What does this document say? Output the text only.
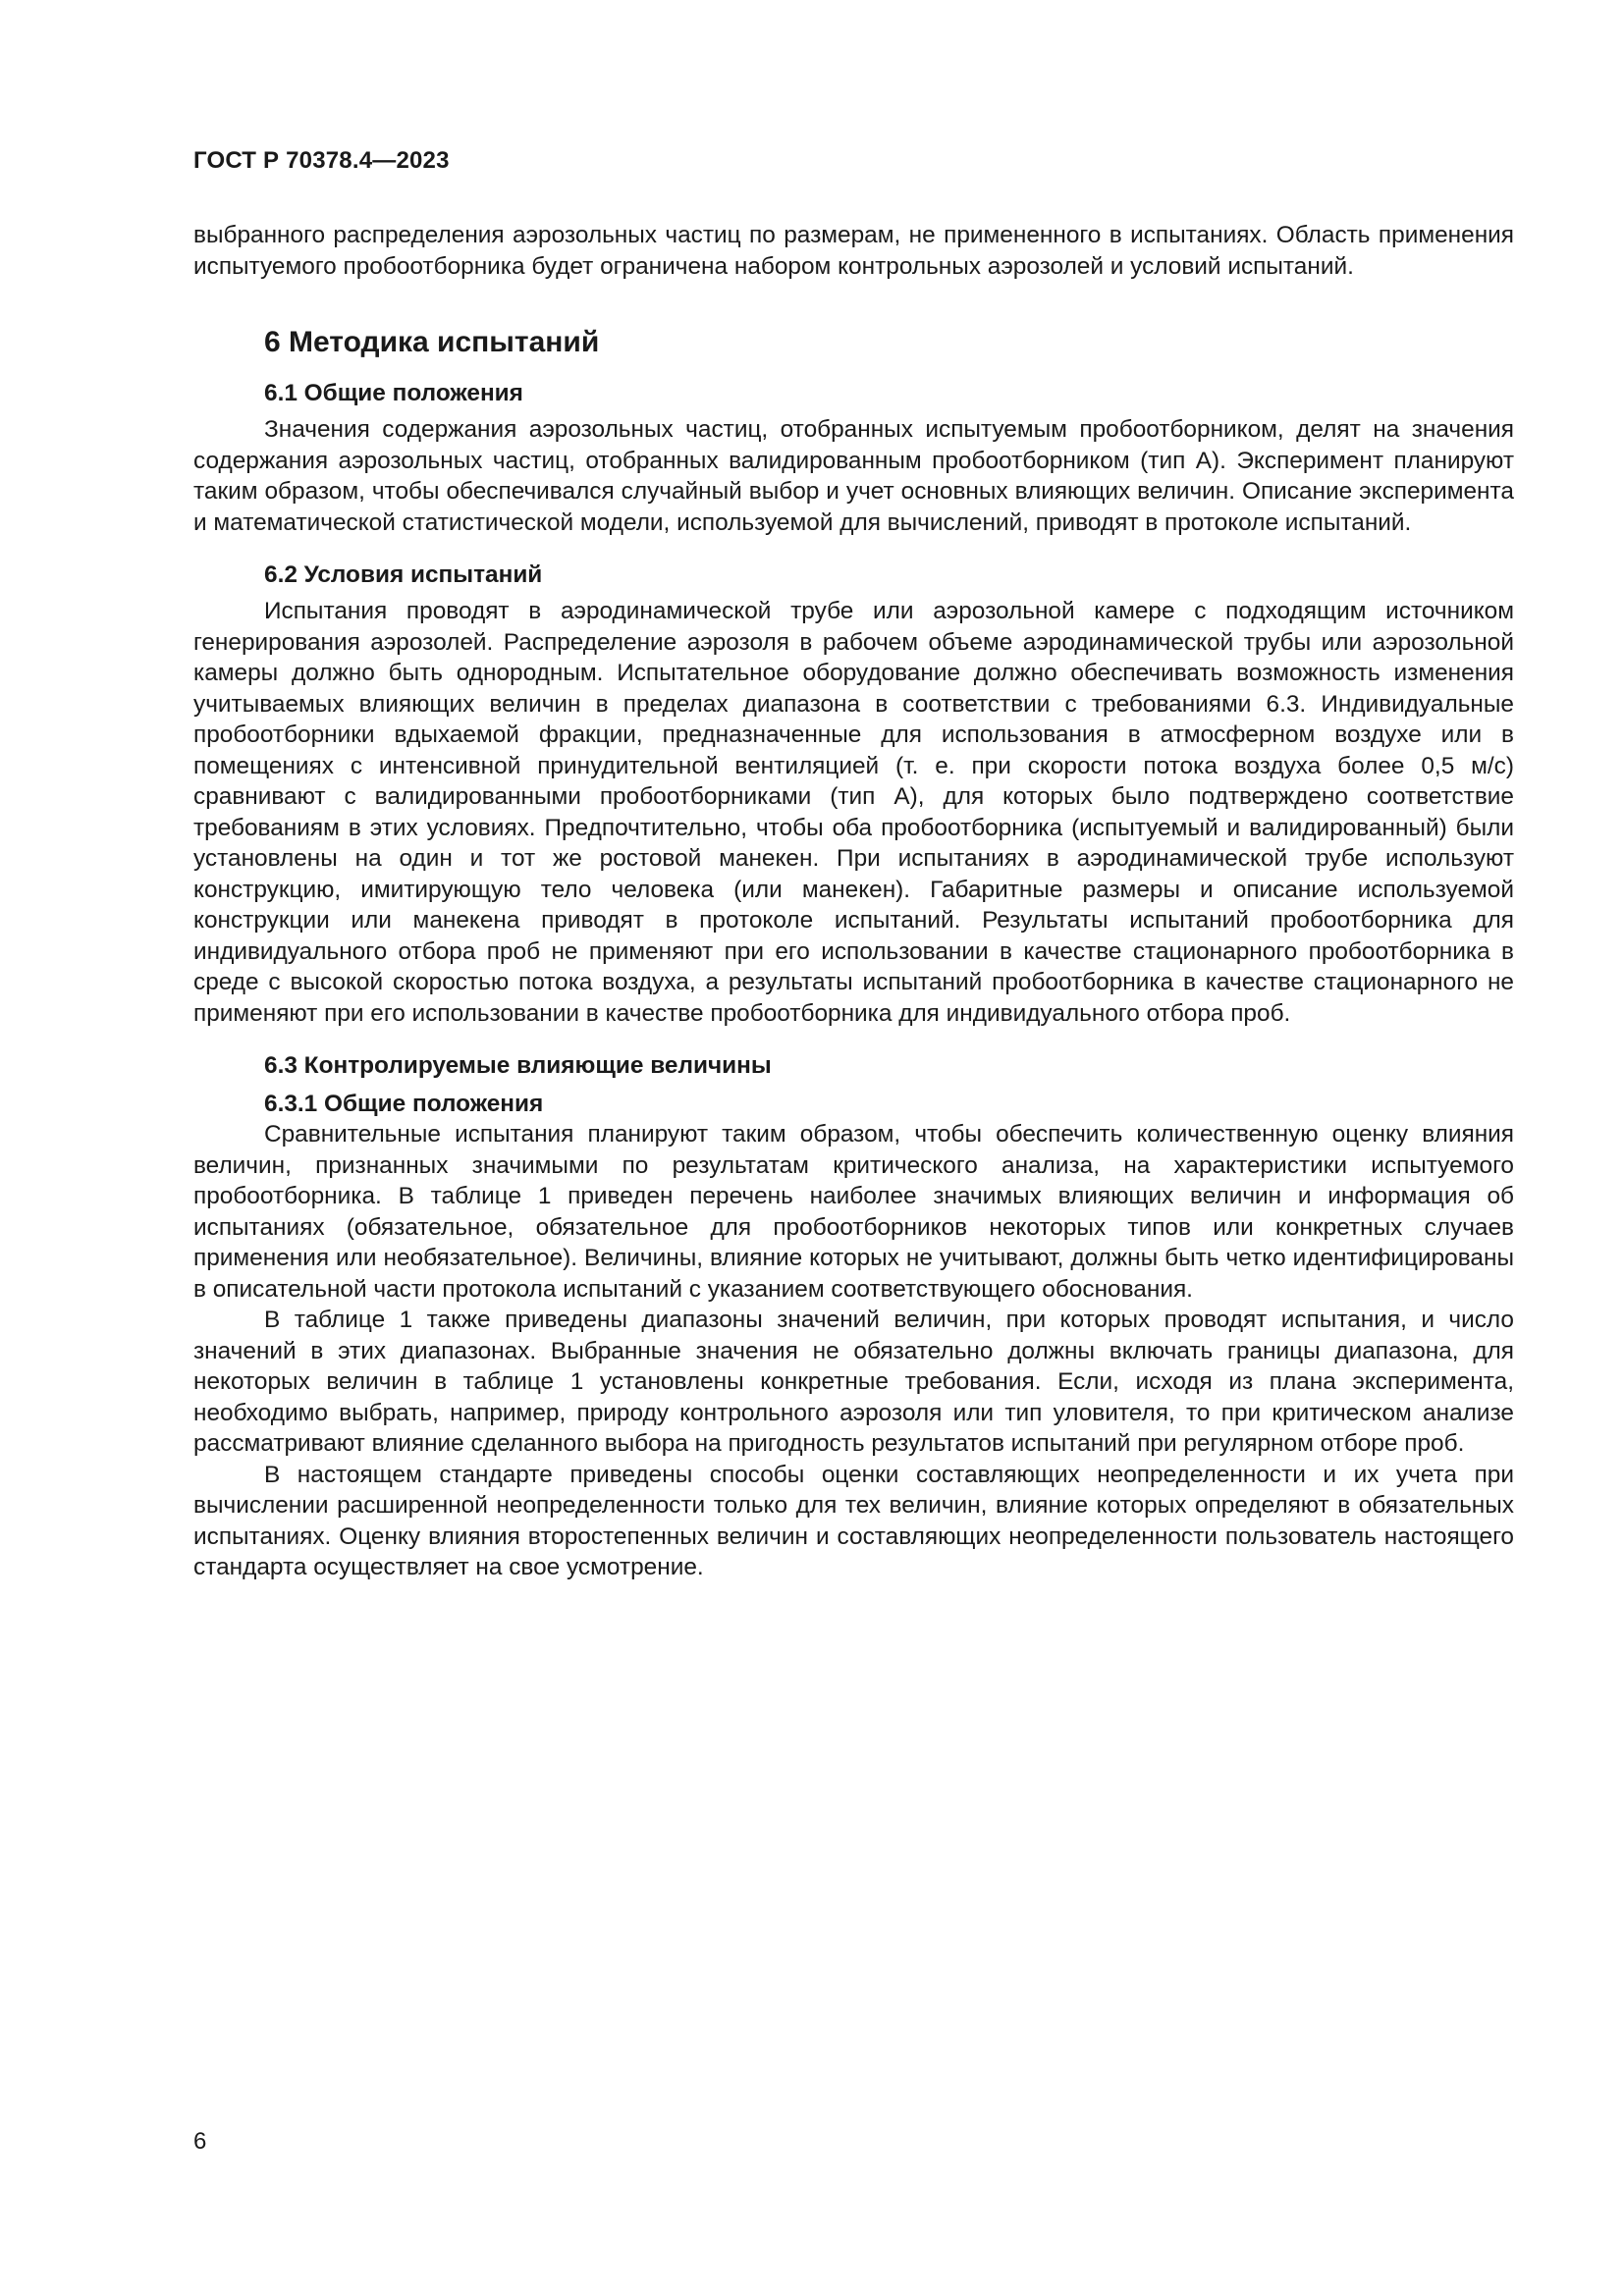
ГОСТ Р 70378.4—2023

выбранного распределения аэрозольных частиц по размерам, не примененного в испытаниях. Область применения испытуемого пробоотборника будет ограничена набором контрольных аэрозолей и условий испытаний.

6 Методика испытаний
6.1 Общие положения

Значения содержания аэрозольных частиц, отобранных испытуемым пробоотборником, делят на значения содержания аэрозольных частиц, отобранных валидированным пробоотборником (тип А). Эксперимент планируют таким образом, чтобы обеспечивался случайный выбор и учет основных влияющих величин. Описание эксперимента и математической статистической модели, используемой для вычислений, приводят в протоколе испытаний.

6.2 Условия испытаний

Испытания проводят в аэродинамической трубе или аэрозольной камере с подходящим источником генерирования аэрозолей. Распределение аэрозоля в рабочем объеме аэродинамической трубы или аэрозольной камеры должно быть однородным. Испытательное оборудование должно обеспечивать возможность изменения учитываемых влияющих величин в пределах диапазона в соответствии с требованиями 6.3. Индивидуальные пробоотборники вдыхаемой фракции, предназначенные для использования в атмосферном воздухе или в помещениях с интенсивной принудительной вентиляцией (т. е. при скорости потока воздуха более 0,5 м/с) сравнивают с валидированными пробоотборниками (тип А), для которых было подтверждено соответствие требованиям в этих условиях. Предпочтительно, чтобы оба пробоотборника (испытуемый и валидированный) были установлены на один и тот же ростовой манекен. При испытаниях в аэродинамической трубе используют конструкцию, имитирующую тело человека (или манекен). Габаритные размеры и описание используемой конструкции или манекена приводят в протоколе испытаний. Результаты испытаний пробоотборника для индивидуального отбора проб не применяют при его использовании в качестве стационарного пробоотборника в среде с высокой скоростью потока воздуха, а результаты испытаний пробоотборника в качестве стационарного не применяют при его использовании в качестве пробоотборника для индивидуального отбора проб.

6.3 Контролируемые влияющие величины
6.3.1 Общие положения

Сравнительные испытания планируют таким образом, чтобы обеспечить количественную оценку влияния величин, признанных значимыми по результатам критического анализа, на характеристики испытуемого пробоотборника. В таблице 1 приведен перечень наиболее значимых влияющих величин и информация об испытаниях (обязательное, обязательное для пробоотборников некоторых типов или конкретных случаев применения или необязательное). Величины, влияние которых не учитывают, должны быть четко идентифицированы в описательной части протокола испытаний с указанием соответствующего обоснования.

В таблице 1 также приведены диапазоны значений величин, при которых проводят испытания, и число значений в этих диапазонах. Выбранные значения не обязательно должны включать границы диапазона, для некоторых величин в таблице 1 установлены конкретные требования. Если, исходя из плана эксперимента, необходимо выбрать, например, природу контрольного аэрозоля или тип уловителя, то при критическом анализе рассматривают влияние сделанного выбора на пригодность результатов испытаний при регулярном отборе проб.

В настоящем стандарте приведены способы оценки составляющих неопределенности и их учета при вычислении расширенной неопределенности только для тех величин, влияние которых определяют в обязательных испытаниях. Оценку влияния второстепенных величин и составляющих неопределенности пользователь настоящего стандарта осуществляет на свое усмотрение.

6
